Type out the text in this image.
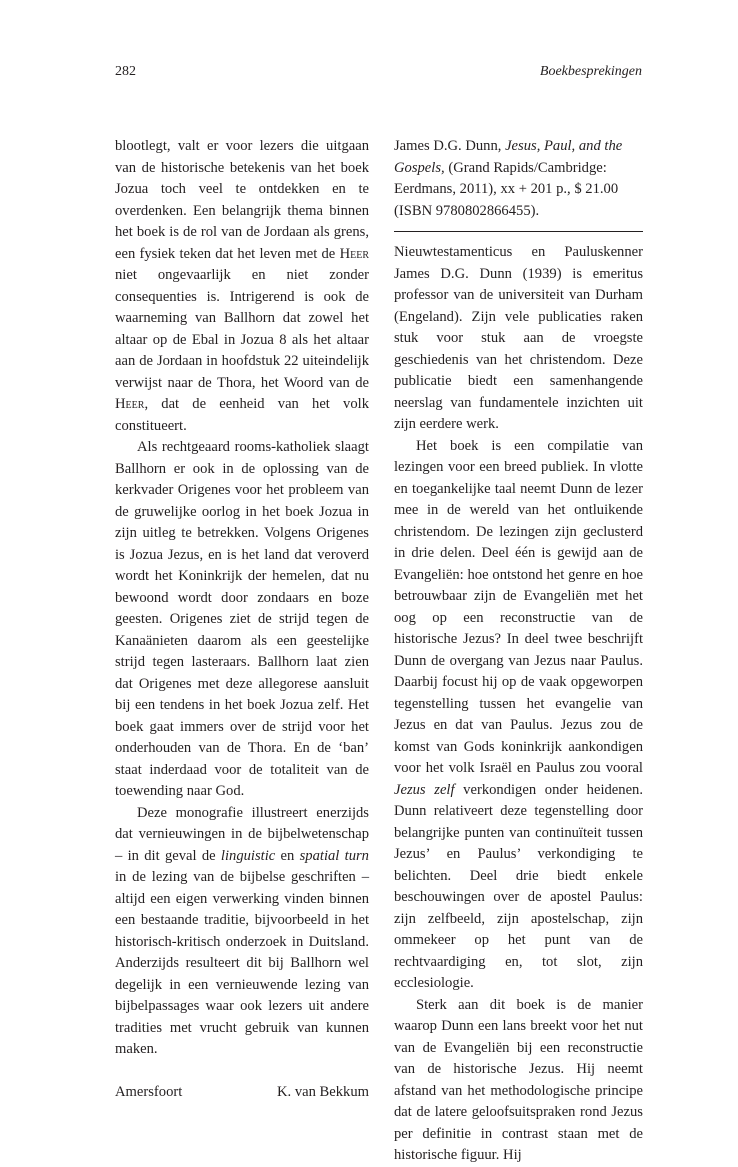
282	Boekbesprekingen

blootlegt, valt er voor lezers die uitgaan van de historische betekenis van het boek Jozua toch veel te ontdekken en te overdenken. Een belangrijk thema binnen het boek is de rol van de Jordaan als grens, een fysiek teken dat het leven met de Heer niet ongevaarlijk en niet zonder consequenties is. Intrigerend is ook de waarneming van Ballhorn dat zowel het altaar op de Ebal in Jozua 8 als het altaar aan de Jordaan in hoofdstuk 22 uiteindelijk verwijst naar de Thora, het Woord van de Heer, dat de eenheid van het volk constitueert.

Als rechtgeaard rooms-katholiek slaagt Ballhorn er ook in de oplossing van de kerkvader Origenes voor het probleem van de gruwelijke oorlog in het boek Jozua in zijn uitleg te betrekken. Volgens Origenes is Jozua Jezus, en is het land dat veroverd wordt het Koninkrijk der hemelen, dat nu bewoond wordt door zondaars en boze geesten. Origenes ziet de strijd tegen de Kanaänieten daarom als een geestelijke strijd tegen lasteraars. Ballhorn laat zien dat Origenes met deze allegorese aansluit bij een tendens in het boek Jozua zelf. Het boek gaat immers over de strijd voor het onderhouden van de Thora. En de ‘ban’ staat inderdaad voor de totaliteit van de toewending naar God.

Deze monografie illustreert enerzijds dat vernieuwingen in de bijbelwetenschap – in dit geval de linguistic en spatial turn in de lezing van de bijbelse geschriften – altijd een eigen verwerking vinden binnen een bestaande traditie, bijvoorbeeld in het historisch-kritisch onderzoek in Duitsland. Anderzijds resulteert dit bij Ballhorn wel degelijk in een vernieuwende lezing van bijbelpassages waar ook lezers uit andere tradities met vrucht gebruik van kunnen maken.

Amersfoort	K. van Bekkum
James D.G. Dunn, Jesus, Paul, and the Gospels, (Grand Rapids/Cambridge: Eerdmans, 2011), xx + 201 p., $ 21.00 (ISBN 9780802866455).

Nieuwtestamenticus en Pauluskenner James D.G. Dunn (1939) is emeritus professor van de universiteit van Durham (Engeland). Zijn vele publicaties raken stuk voor stuk aan de vroegste geschiedenis van het christendom. Deze publicatie biedt een samenhangende neerslag van fundamentele inzichten uit zijn eerdere werk.

Het boek is een compilatie van lezingen voor een breed publiek. In vlotte en toegankelijke taal neemt Dunn de lezer mee in de wereld van het ontluikende christendom. De lezingen zijn geclusterd in drie delen. Deel één is gewijd aan de Evangeliën: hoe ontstond het genre en hoe betrouwbaar zijn de Evangeliën met het oog op een reconstructie van de historische Jezus? In deel twee beschrijft Dunn de overgang van Jezus naar Paulus. Daarbij focust hij op de vaak opgeworpen tegenstelling tussen het evangelie van Jezus en dat van Paulus. Jezus zou de komst van Gods koninkrijk aankondigen voor het volk Israël en Paulus zou vooral Jezus zelf verkondigen onder heidenen. Dunn relativeert deze tegenstelling door belangrijke punten van continuïteit tussen Jezus’ en Paulus’ verkondiging te belichten. Deel drie biedt enkele beschouwingen over de apostel Paulus: zijn zelfbeeld, zijn apostelschap, zijn ommekeer op het punt van de rechtvaardiging en, tot slot, zijn ecclesiologie.

Sterk aan dit boek is de manier waarop Dunn een lans breekt voor het nut van de Evangeliën bij een reconstructie van de historische Jezus. Hij neemt afstand van het methodologische principe dat de latere geloofsuitspraken rond Jezus per definitie in contrast staan met de historische figuur. Hij
